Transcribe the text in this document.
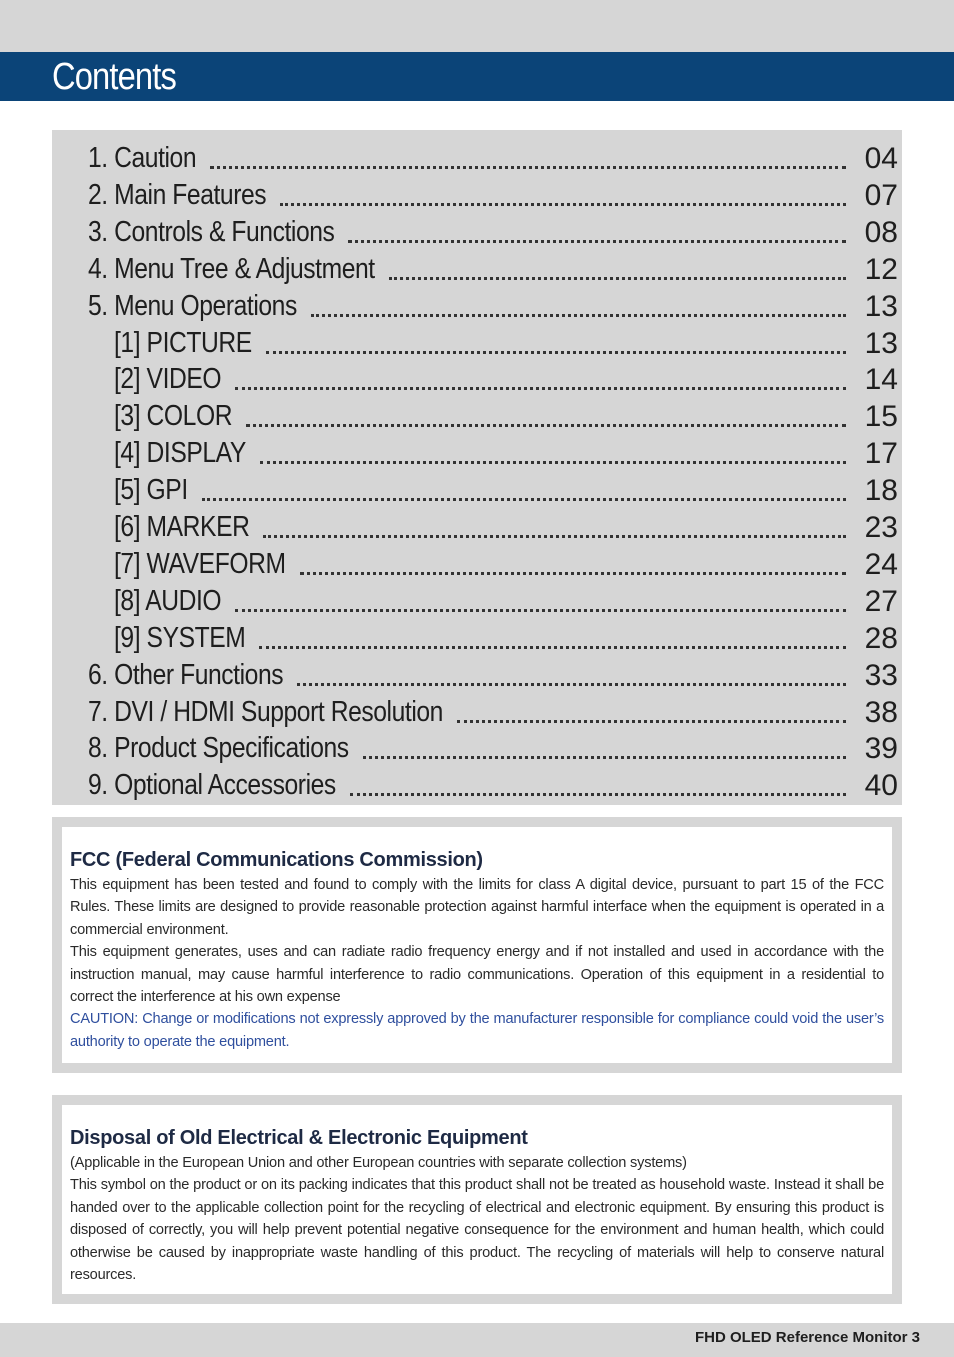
Contents
1. Caution	04
2. Main Features	07
3. Controls & Functions	08
4. Menu Tree & Adjustment	12
5. Menu Operations	13
[1] PICTURE	13
[2] VIDEO	14
[3] COLOR	15
[4] DISPLAY	17
[5] GPI	18
[6] MARKER	23
[7] WAVEFORM	24
[8] AUDIO	27
[9] SYSTEM	28
6. Other Functions	33
7. DVI / HDMI Support Resolution	38
8. Product Specifications	39
9. Optional Accessories	40
FCC (Federal Communications Commission)

This equipment has been tested and found to comply with the limits for class A digital device, pursuant to part 15 of the FCC Rules. These limits are designed to provide reasonable protection against harmful interface when the equipment is operated in a commercial environment.

This equipment generates, uses and can radiate radio frequency energy and if not installed and used in accordance with the instruction manual, may cause harmful interference to radio communications. Operation of this equipment in a residential to correct the interference at his own expense

CAUTION: Change or modifications not expressly approved by the manufacturer responsible for compliance could void the user’s authority to operate the equipment.

Disposal of Old Electrical & Electronic Equipment

(Applicable in the European Union and other European countries with separate collection systems)

This symbol on the product or on its packing indicates that this product shall not be treated as household waste. Instead it shall be handed over to the applicable collection point for the recycling of electrical and electronic equipment. By ensuring this product is disposed of correctly, you will help prevent potential negative consequence for the environment and human health, which could otherwise be caused by inappropriate waste handling of this product. The recycling of materials will help to conserve natural resources.

FHD OLED Reference Monitor 3
